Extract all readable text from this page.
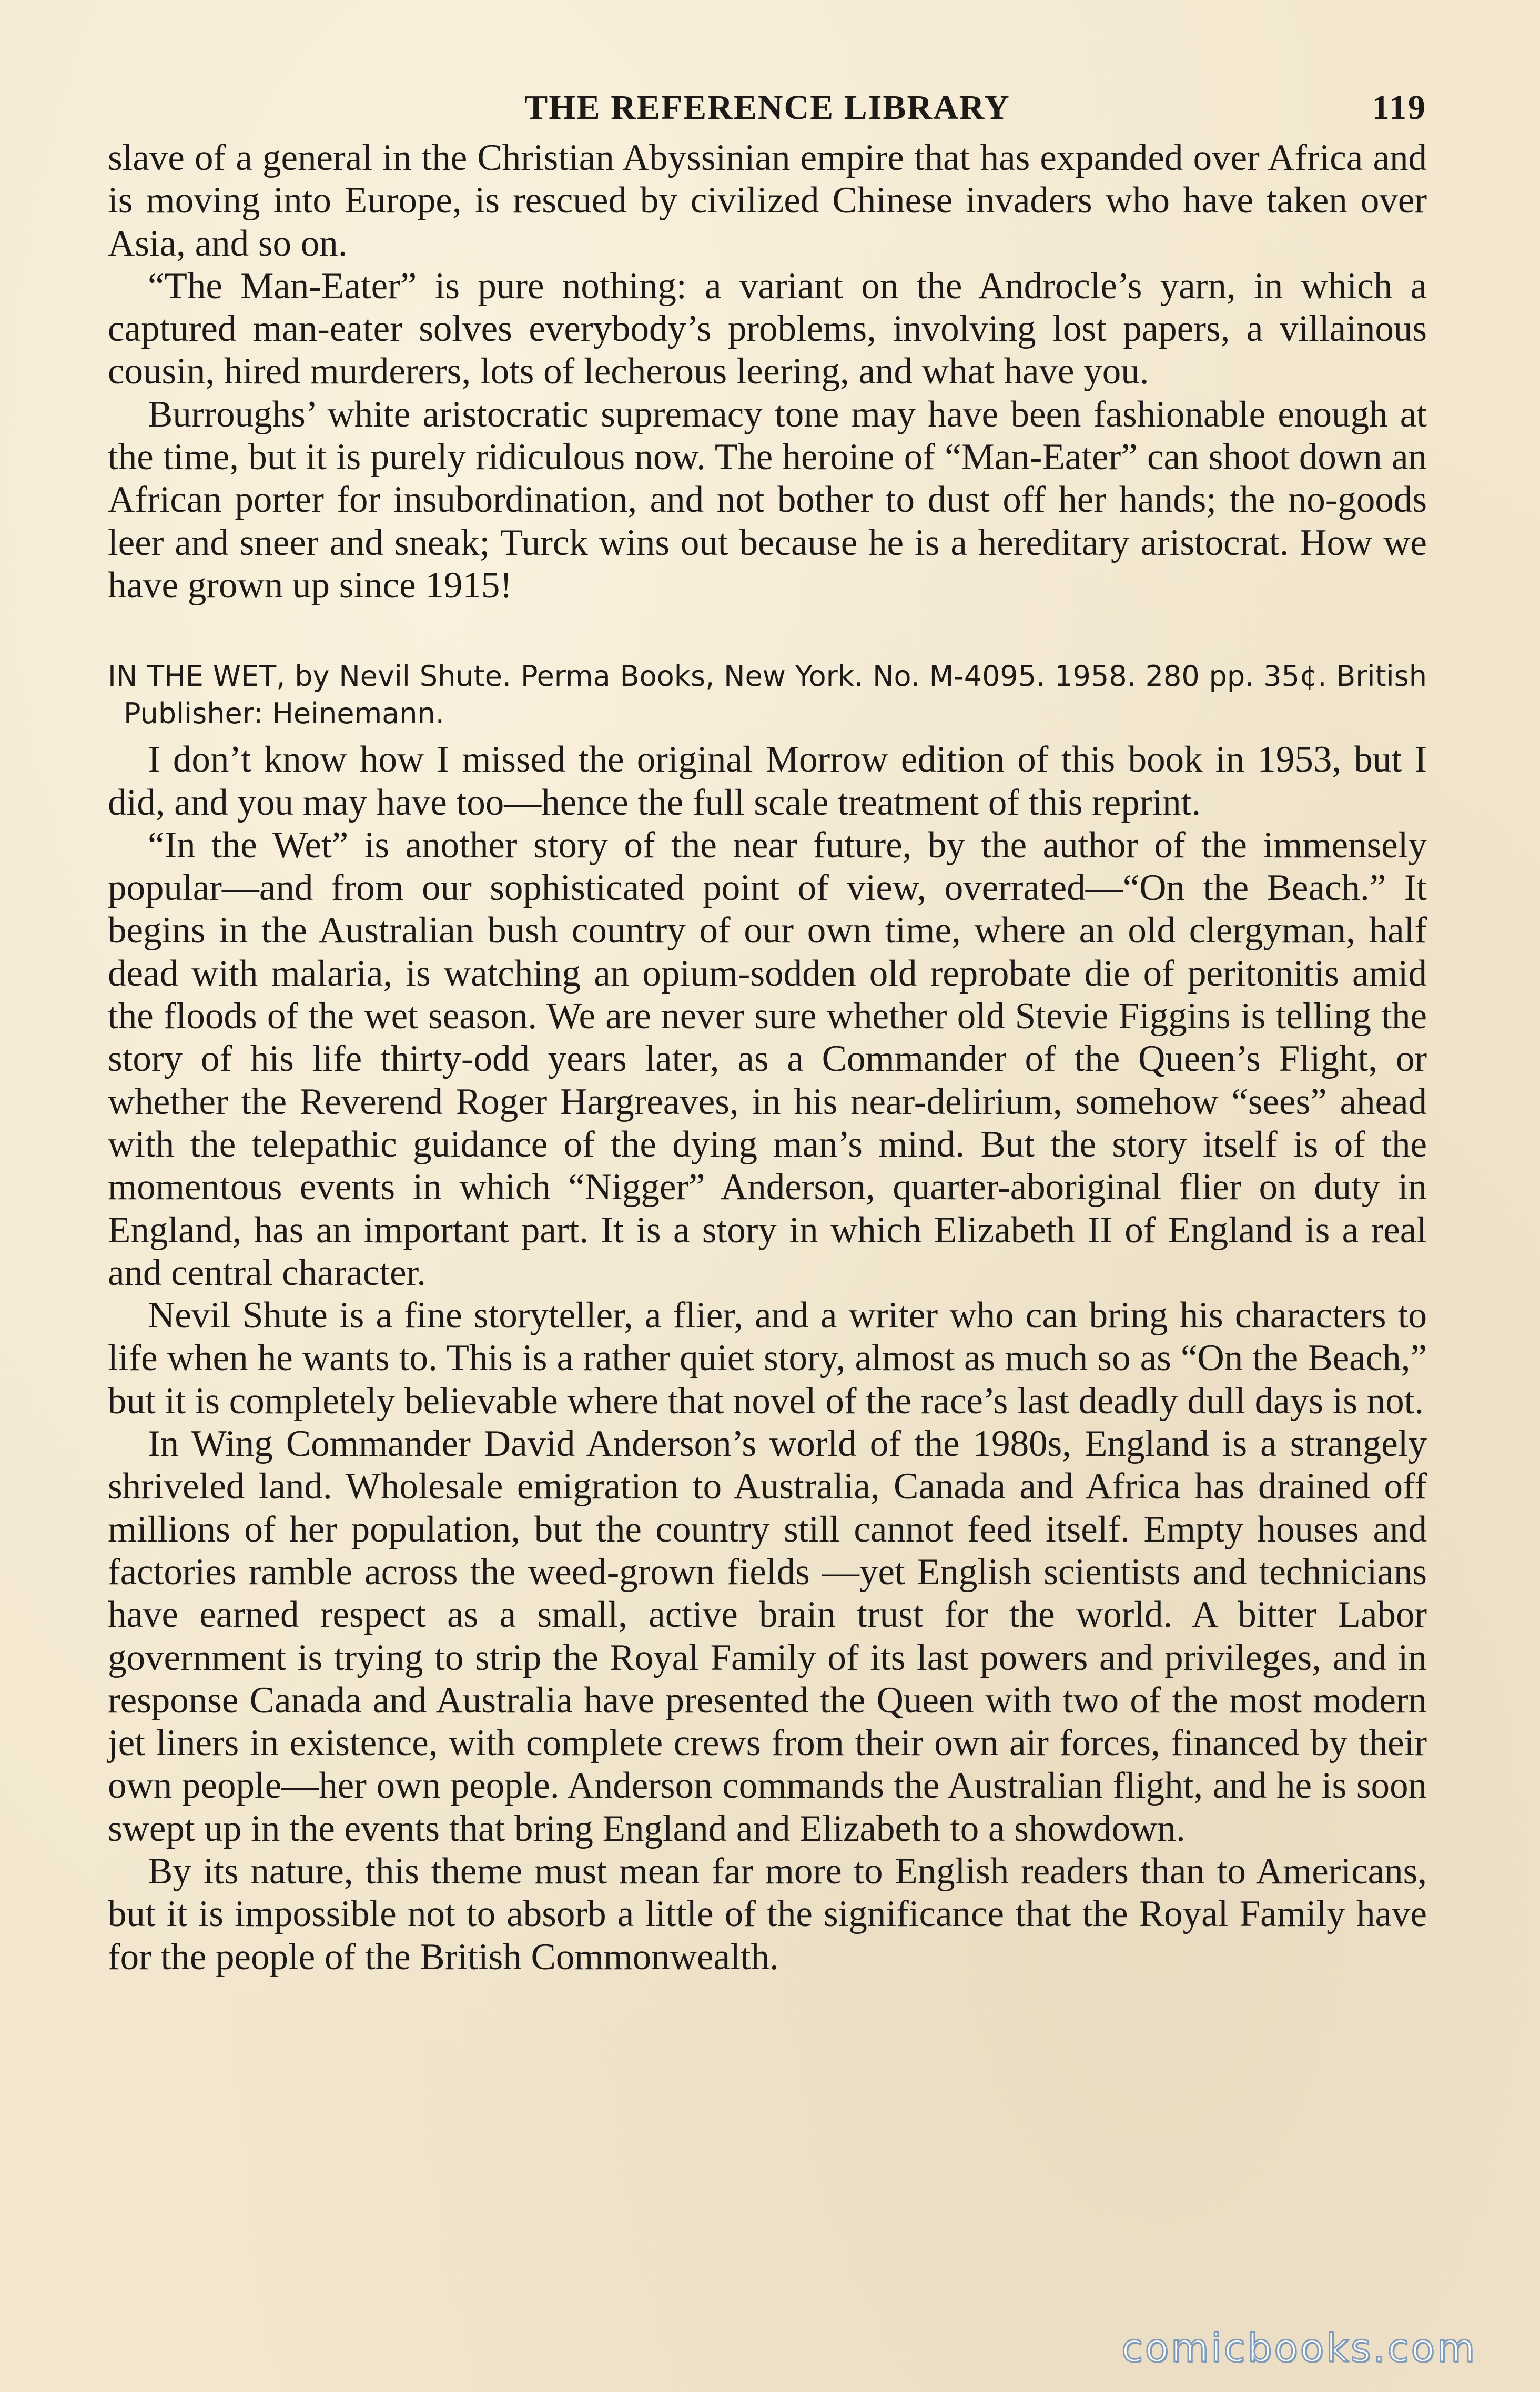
THE REFERENCE LIBRARY	119

slave of a general in the Christian Abyssinian empire that has expanded over Africa and is moving into Europe, is rescued by civilized Chinese invaders who have taken over Asia, and so on.

“The Man-Eater” is pure nothing: a variant on the Androcle’s yarn, in which a captured man-eater solves everybody’s problems, involving lost papers, a villainous cousin, hired murderers, lots of lecherous leering, and what have you.

Burroughs’ white aristocratic supremacy tone may have been fashionable enough at the time, but it is purely ridiculous now. The heroine of “Man-Eater” can shoot down an African porter for insubordination, and not bother to dust off her hands; the no-goods leer and sneer and sneak; Turck wins out because he is a hereditary aristocrat. How we have grown up since 1915!

IN THE WET, by Nevil Shute. Perma Books, New York. No. M-4095. 1958. 280 pp. 35¢. British Publisher: Heinemann.

I don’t know how I missed the original Morrow edition of this book in 1953, but I did, and you may have too—hence the full scale treatment of this reprint.

“In the Wet” is another story of the near future, by the author of the immensely popular—and from our sophisticated point of view, overrated—“On the Beach.” It begins in the Australian bush country of our own time, where an old clergyman, half dead with malaria, is watching an opium-sodden old reprobate die of peritonitis amid the floods of the wet season. We are never sure whether old Stevie Figgins is telling the story of his life thirty-odd years later, as a Commander of the Queen’s Flight, or whether the Reverend Roger Hargreaves, in his near-delirium, somehow “sees” ahead with the telepathic guidance of the dying man’s mind. But the story itself is of the momentous events in which “Nigger” Anderson, quarter-aboriginal flier on duty in England, has an important part. It is a story in which Elizabeth II of England is a real and central character.

Nevil Shute is a fine storyteller, a flier, and a writer who can bring his characters to life when he wants to. This is a rather quiet story, almost as much so as “On the Beach,” but it is completely believable where that novel of the race’s last deadly dull days is not.

In Wing Commander David Anderson’s world of the 1980s, England is a strangely shriveled land. Wholesale emigration to Australia, Canada and Africa has drained off millions of her population, but the country still cannot feed itself. Empty houses and factories ramble across the weed-grown fields —yet English scientists and technicians have earned respect as a small, active brain trust for the world. A bitter Labor government is trying to strip the Royal Family of its last powers and privileges, and in response Canada and Australia have presented the Queen with two of the most modern jet liners in existence, with complete crews from their own air forces, financed by their own people—her own people. Anderson commands the Australian flight, and he is soon swept up in the events that bring England and Elizabeth to a showdown.

By its nature, this theme must mean far more to English readers than to Americans, but it is impossible not to absorb a little of the significance that the Royal Family have for the people of the British Commonwealth.

comicbooks.com
